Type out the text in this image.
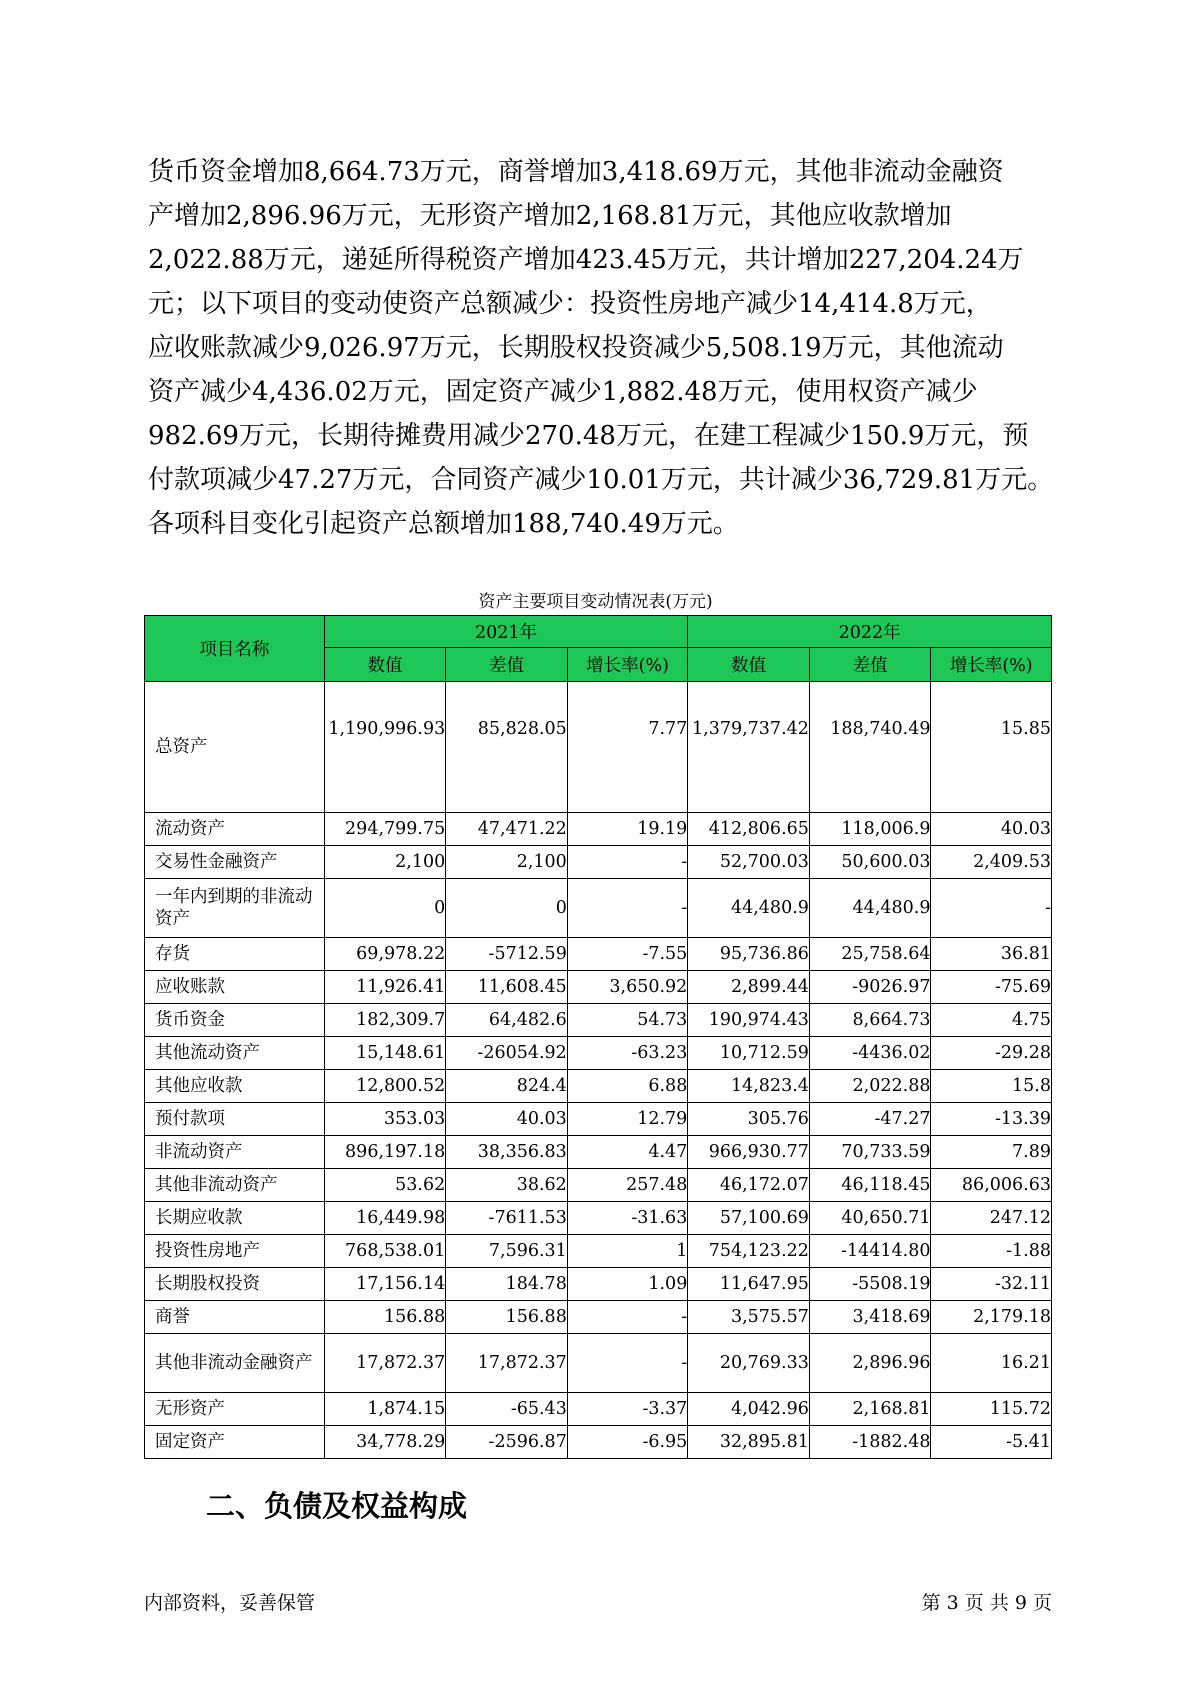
货币资金增加8,664.73万元，商誉增加3,418.69万元，其他非流动金融资
产增加2,896.96万元，无形资产增加2,168.81万元，其他应收款增加
2,022.88万元，递延所得税资产增加423.45万元，共计增加227,204.24万
元；以下项目的变动使资产总额减少：投资性房地产减少14,414.8万元，
应收账款减少9,026.97万元，长期股权投资减少5,508.19万元，其他流动
资产减少4,436.02万元，固定资产减少1,882.48万元，使用权资产减少
982.69万元，长期待摊费用减少270.48万元，在建工程减少150.9万元，预
付款项减少47.27万元，合同资产减少10.01万元，共计减少36,729.81万元。
各项科目变化引起资产总额增加188,740.49万元。
资产主要项目变动情况表(万元)
项目名称	2021年			2022年		
	数值	差值	增长率(%)	数值	差值	增长率(%)
总资产	1,190,996.93	85,828.05	7.77	1,379,737.42	188,740.49	15.85
流动资产	294,799.75	47,471.22	19.19	412,806.65	118,006.9	40.03
交易性金融资产	2,100	2,100	-	52,700.03	50,600.03	2,409.53
一年内到期的非流动资产	0	0	-	44,480.9	44,480.9	-
存货	69,978.22	-5712.59	-7.55	95,736.86	25,758.64	36.81
应收账款	11,926.41	11,608.45	3,650.92	2,899.44	-9026.97	-75.69
货币资金	182,309.7	64,482.6	54.73	190,974.43	8,664.73	4.75
其他流动资产	15,148.61	-26054.92	-63.23	10,712.59	-4436.02	-29.28
其他应收款	12,800.52	824.4	6.88	14,823.4	2,022.88	15.8
预付款项	353.03	40.03	12.79	305.76	-47.27	-13.39
非流动资产	896,197.18	38,356.83	4.47	966,930.77	70,733.59	7.89
其他非流动资产	53.62	38.62	257.48	46,172.07	46,118.45	86,006.63
长期应收款	16,449.98	-7611.53	-31.63	57,100.69	40,650.71	247.12
投资性房地产	768,538.01	7,596.31	1	754,123.22	-14414.80	-1.88
长期股权投资	17,156.14	184.78	1.09	11,647.95	-5508.19	-32.11
商誉	156.88	156.88	-	3,575.57	3,418.69	2,179.18
其他非流动金融资产	17,872.37	17,872.37	-	20,769.33	2,896.96	16.21
无形资产	1,874.15	-65.43	-3.37	4,042.96	2,168.81	115.72
固定资产	34,778.29	-2596.87	-6.95	32,895.81	-1882.48	-5.41
二、负债及权益构成
内部资料，妥善保管	第 3 页 共 9 页
